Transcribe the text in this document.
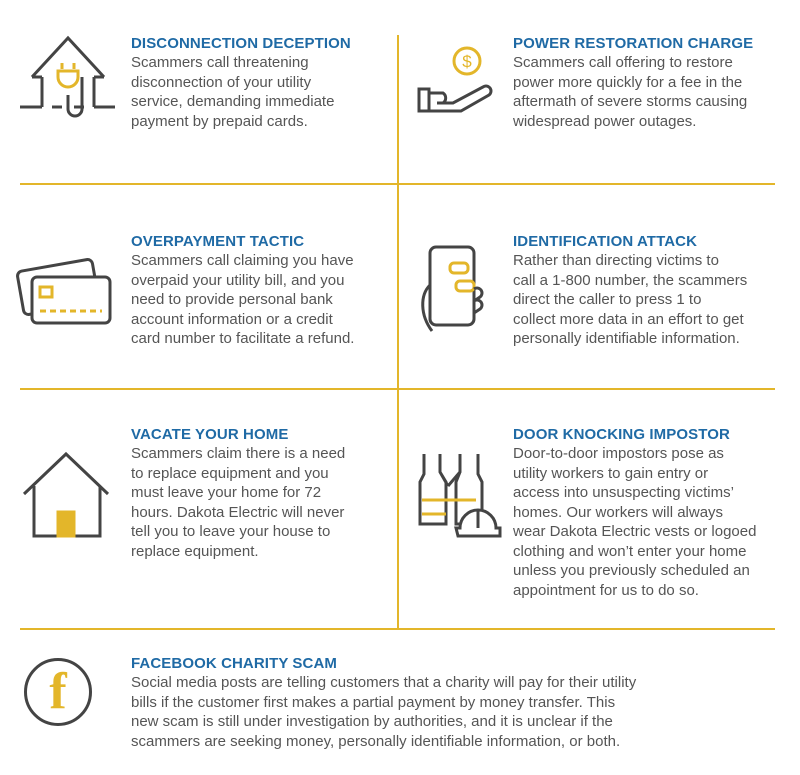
$
f
DISCONNECTION DECEPTION
Scammers call threatening
disconnection of your utility
service, demanding immediate
payment by prepaid cards.
POWER RESTORATION CHARGE
Scammers call offering to restore
power more quickly for a fee in the
aftermath of severe storms causing
widespread power outages.
OVERPAYMENT TACTIC
Scammers call claiming you have
overpaid your utility bill, and you
need to provide personal bank
account information or a credit
card number to facilitate a refund.
IDENTIFICATION ATTACK
Rather than directing victims to
call a 1-800 number, the scammers
direct the caller to press 1 to
collect more data in an effort to get
personally identifiable information.
VACATE YOUR HOME
Scammers claim there is a need
to replace equipment and you
must leave your home for 72
hours. Dakota Electric will never
tell you to leave your house to
replace equipment.
DOOR KNOCKING IMPOSTOR
Door-to-door impostors pose as
utility workers to gain entry or
access into unsuspecting victims’
homes. Our workers will always
wear Dakota Electric vests or logoed
clothing and won’t enter your home
unless you previously scheduled an
appointment for us to do so.
FACEBOOK CHARITY SCAM
Social media posts are telling customers that a charity will pay for their utility
bills if the customer first makes a partial payment by money transfer. This
new scam is still under investigation by authorities, and it is unclear if the
scammers are seeking money, personally identifiable information, or both.
